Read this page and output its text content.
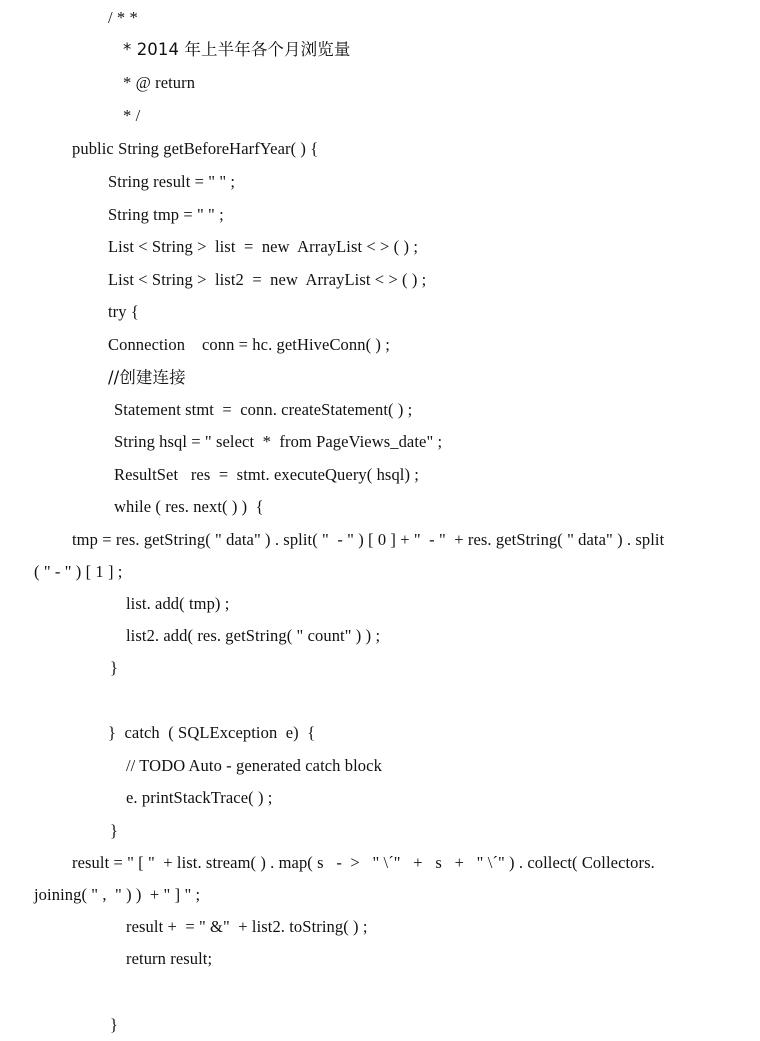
/ * *
* 2014 年上半年各个月浏览量
* @ return
* /
public String getBeforeHarfYear( ) {
String result = " " ;
String tmp = " " ;
List < String >  list  =  new  ArrayList < > ( ) ;
List < String >  list2  =  new  ArrayList < > ( ) ;
try {
Connection    conn = hc. getHiveConn( ) ;
//创建连接
Statement stmt  =  conn. createStatement( ) ;
String hsql = " select  *  from PageViews_date" ;
ResultSet   res  =  stmt. executeQuery( hsql) ;
while ( res. next( ) )  {
tmp = res. getString( " data" ) . split( "  - " ) [ 0 ] + "  - "  + res. getString( " data" ) . split
( " - " ) [ 1 ] ;
list. add( tmp) ;
list2. add( res. getString( " count" ) ) ;
}
}  catch  ( SQLException  e)  {
// TODO Auto - generated catch block
e. printStackTrace( ) ;
}
result = " [ "  + list. stream( ) . map( s   -  >   " \´"   +   s   +   " \´" ) . collect( Collectors.
joining( " ,  " ) )  + " ] " ;
result +  = " &"  + list2. toString( ) ;
return result;
}
